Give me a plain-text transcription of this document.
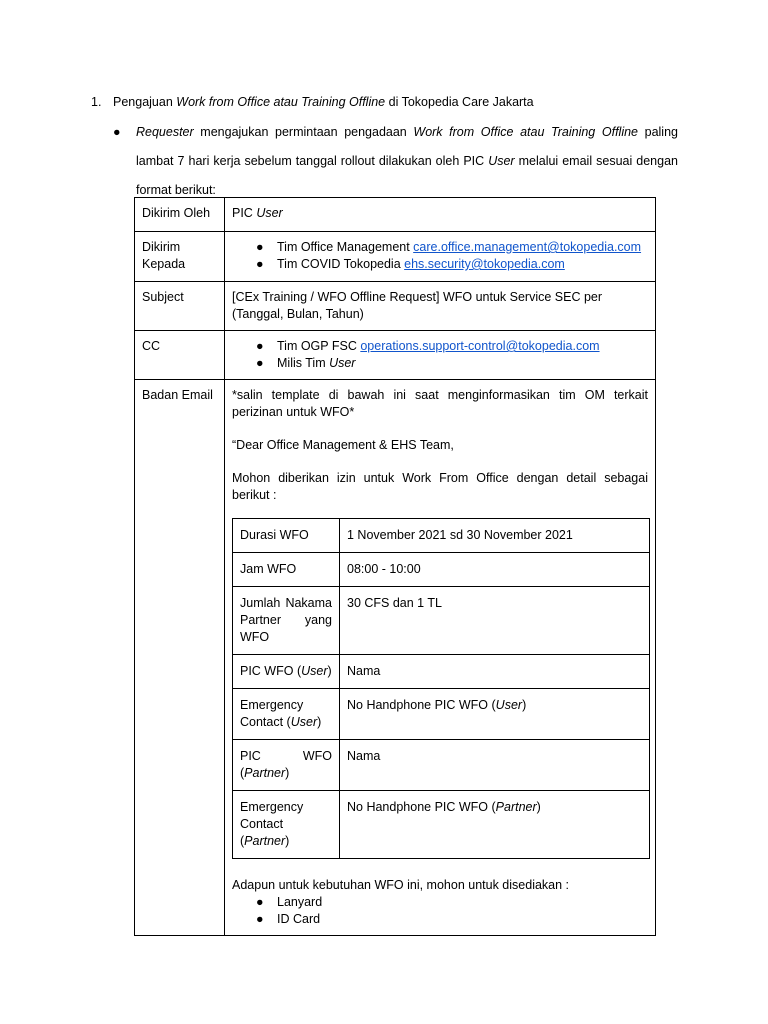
1. Pengajuan Work from Office atau Training Offline di Tokopedia Care Jakarta
● Requester mengajukan permintaan pengadaan Work from Office atau Training Offline paling lambat 7 hari kerja sebelum tanggal rollout dilakukan oleh PIC User melalui email sesuai dengan format berikut:
Dikirim Oleh	PIC User
Dikirim Kepada	
● Tim Office Management care.office.management@tokopedia.com
● Tim COVID Tokopedia ehs.security@tokopedia.com

Subject	[CEx Training / WFO Offline Request] WFO untuk Service SEC per (Tanggal, Bulan, Tahun)
CC	● Tim OGP FSC operations.support-control@tokopedia.com
● Milis Tim User

Badan Email	*salin template di bawah ini saat menginformasikan tim OM terkait perizinan untuk WFO*

“Dear Office Management & EHS Team,

Mohon diberikan izin untuk Work From Office dengan detail sebagai berikut :

Durasi WFO	1 November 2021 sd 30 November 2021
Jam WFO	08:00 - 10:00
Jumlah Nakama Partner yang WFO	30 CFS dan 1 TL
PIC WFO (User)	Nama
Emergency Contact (User)	No Handphone PIC WFO (User)
PIC WFO (Partner)	Nama
Emergency Contact (Partner)	No Handphone PIC WFO (Partner)

Adapun untuk kebutuhan WFO ini, mohon untuk disediakan :

● Lanyard
● ID Card
